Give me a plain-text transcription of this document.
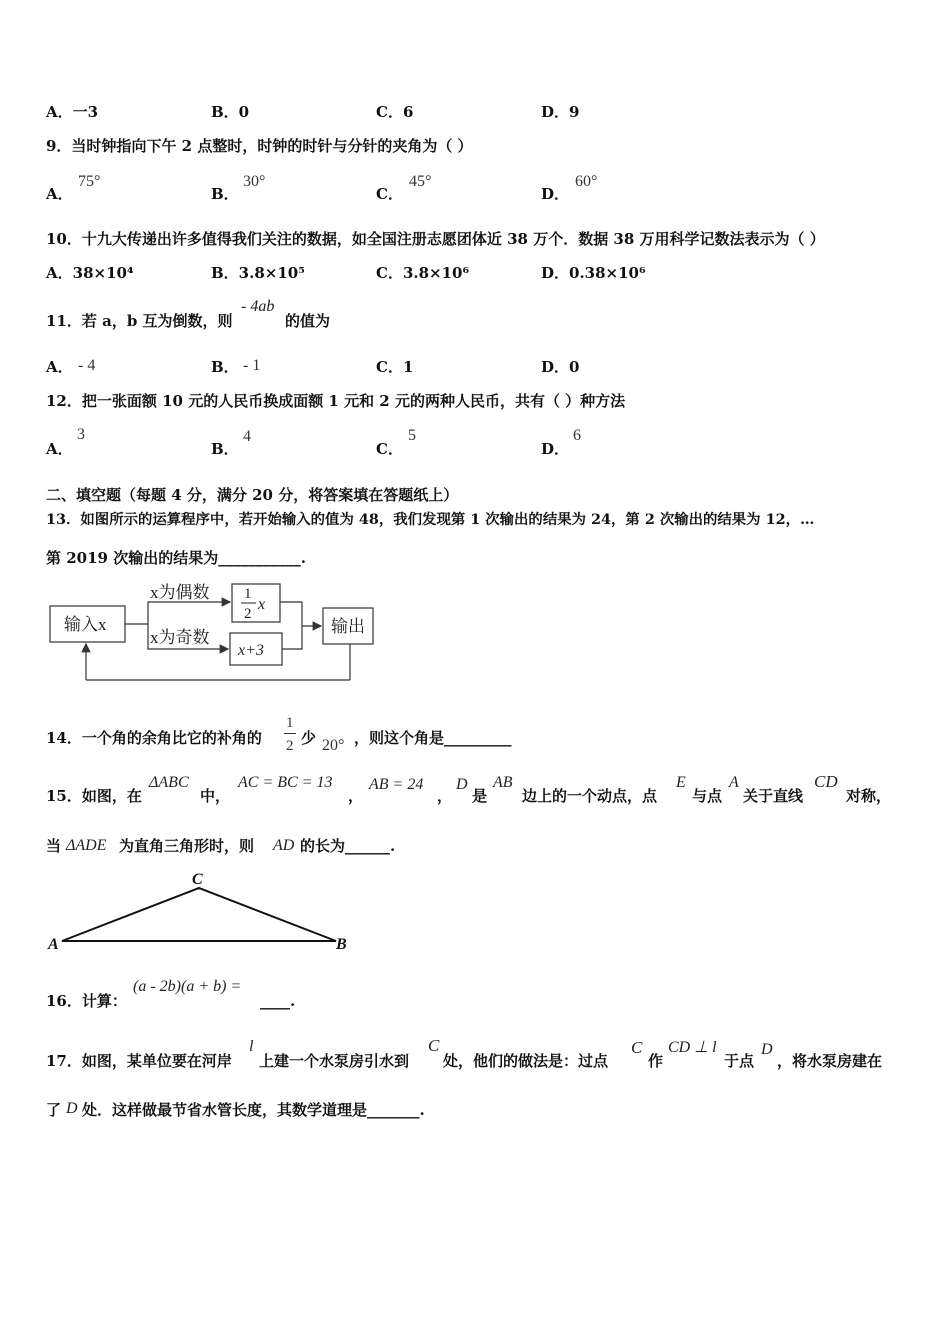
A．一3	B．0	C．6	D．9
9．当时钟指向下午 2 点整时，时钟的时针与分针的夹角为（ ）
A．
75°
B．
30°
C．
45°
D．
60°
10．十九大传递出许多值得我们关注的数据，如全国注册志愿团体近 38 万个．数据 38 万用科学记数法表示为（ ）
A．38×10⁴	B．3.8×10⁵	C．3.8×10⁶	D．0.38×10⁶
11．若 a，b 互为倒数，则
- 4ab
的值为
A． - 4	B． - 1	C．1	D．0
12．把一张面额 10 元的人民币换成面额 1 元和 2 元的两种人民币，共有（ ）种方法
A．
3
B．
4
C．
5
D．
6
二、填空题（每题 4 分，满分 20 分，将答案填在答题纸上）
13．如图所示的运算程序中，若开始输入的值为 48，我们发现第 1 次输出的结果为 24，第 2 次输出的结果为 12，…
第 2019 次输出的结果为___________.
输入x
x为偶数
x为奇数
1
2
x
x+3
输出
14．一个角的余角比它的补角的
1
2 少 20° ，则这个角是_________
15．如图，在
ΔABC
中，
AC = BC = 13
，
AB = 24
，
D
是
AB
边上的一个动点，点
E
与点
A
关于直线
CD
对称，
当 ΔADE 为直角三角形时，则 AD 的长为______.
C
A	B
16．计算：
(a - 2b)(a + b) =
____.
17．如图，某单位要在河岸
l
上建一个水泵房引水到
C
处，他们的做法是：过点
C
作
CD ⊥ l
于点
D
，将水泵房建在
了 D 处．这样做最节省水管长度，其数学道理是_______.
